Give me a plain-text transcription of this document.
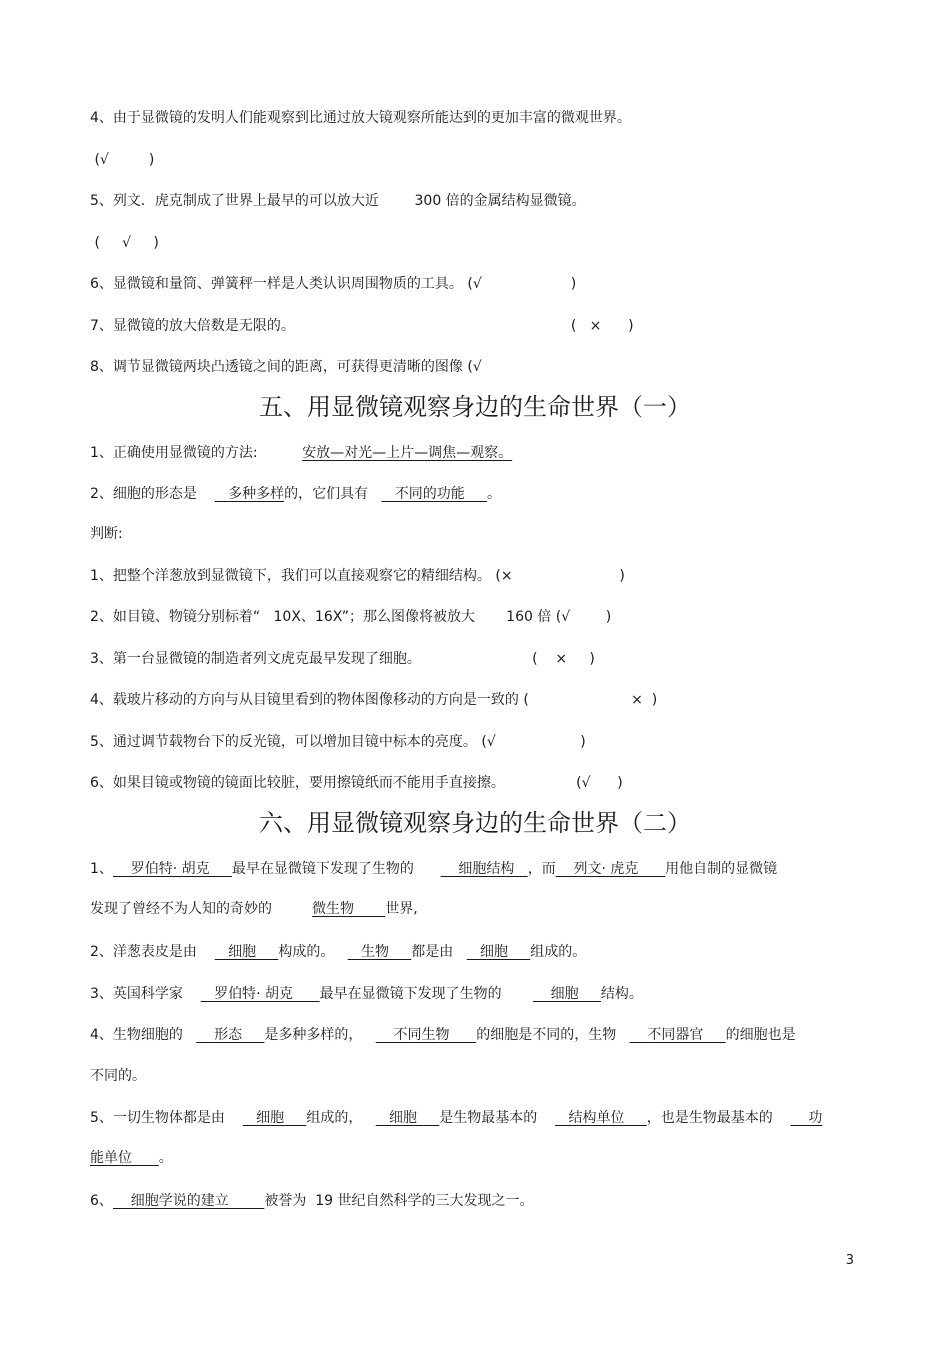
4、由于显微镜的发明人们能观察到比通过放大镜观察所能达到的更加丰富的微观世界。
(√         )
5、列文．虎克制成了世界上最早的可以放大近        300 倍的金属结构显微镜。
(     √     )
6、显微镜和量筒、弹簧秤一样是人类认识周围物质的工具。 (√                    )
7、显微镜的放大倍数是无限的。                                                              (   ×      )
8、调节显微镜两块凸透镜之间的距离，可获得更清晰的图像 (√
五、用显微镜观察身边的生命世界（一）
1、正确使用显微镜的方法:          安放—对光—上片—调焦—观察。
2、细胞的形态是       多种多样的，它们具有      不同的功能     。
判断:
1、把整个洋葱放到显微镜下，我们可以直接观察它的精细结构。 (×                        )
2、如目镜、物镜分别标着“   10X、16X”；那么图像将被放大       160 倍 (√        )
3、第一台显微镜的制造者列文虎克最早发现了细胞。                         (    ×     )
4、载玻片移动的方向与从目镜里看到的物体图像移动的方向是一致的 (                       ×  )
5、通过调节载物台下的反光镜，可以增加目镜中标本的亮度。 (√                   )
6、如果目镜或物镜的镜面比较脏，要用擦镜纸而不能用手直接擦。                (√      )
六、用显微镜观察身边的生命世界（二）
1、    罗伯特· 胡克     最早在显微镜下发现了生物的          细胞结构   ，而    列文· 虎克      用他自制的显微镜
发现了曾经不为人知的奇妙的         微生物       世界,
2、洋葱表皮是由       细胞     构成的。      生物     都是由      细胞     组成的。
3、英国科学家       罗伯特· 胡克      最早在显微镜下发现了生物的           细胞     结构。
4、生物细胞的       形态     是多种多样的，       不同生物      的细胞是不同的，生物       不同器官     的细胞也是
不同的。
5、一切生物体都是由       细胞     组成的，      细胞     是生物最基本的       结构单位     ，也是生物最基本的        功
能单位      。
6、    细胞学说的建立        被誉为  19 世纪自然科学的三大发现之一。
3
